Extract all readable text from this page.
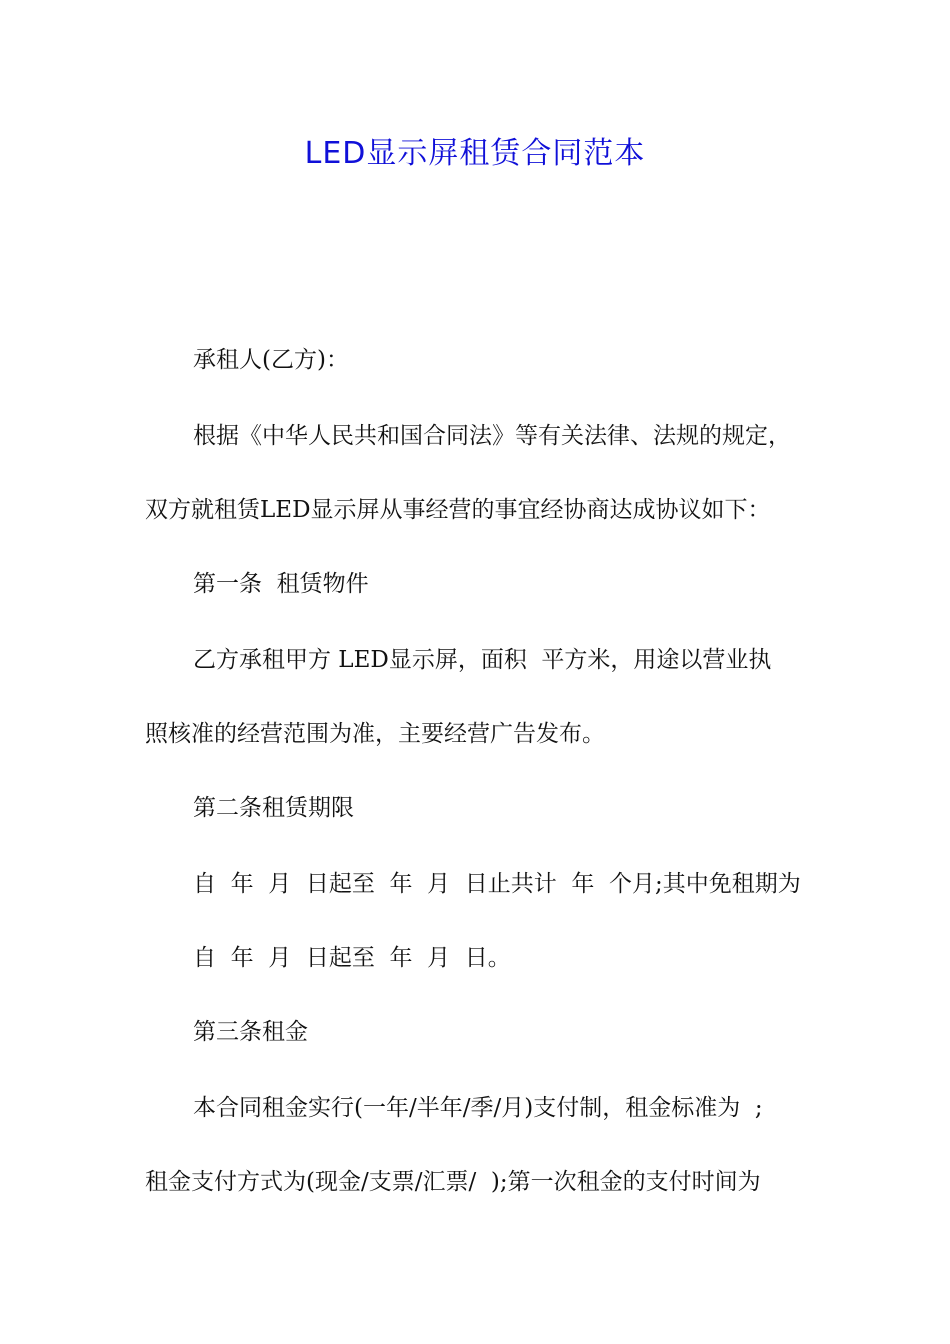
LED显示屏租赁合同范本
承租人(乙方)：
根据《中华人民共和国合同法》等有关法律、法规的规定，
双方就租赁LED显示屏从事经营的事宜经协商达成协议如下：
第一条  租赁物件
乙方承租甲方 LED显示屏，面积  平方米，用途以营业执
照核准的经营范围为准，主要经营广告发布。
第二条租赁期限
自  年  月  日起至  年  月  日止共计  年  个月;其中免租期为
自  年  月  日起至  年  月  日。
第三条租金
本合同租金实行(一年/半年/季/月)支付制，租金标准为  ;
租金支付方式为(现金/支票/汇票/  );第一次租金的支付时间为
